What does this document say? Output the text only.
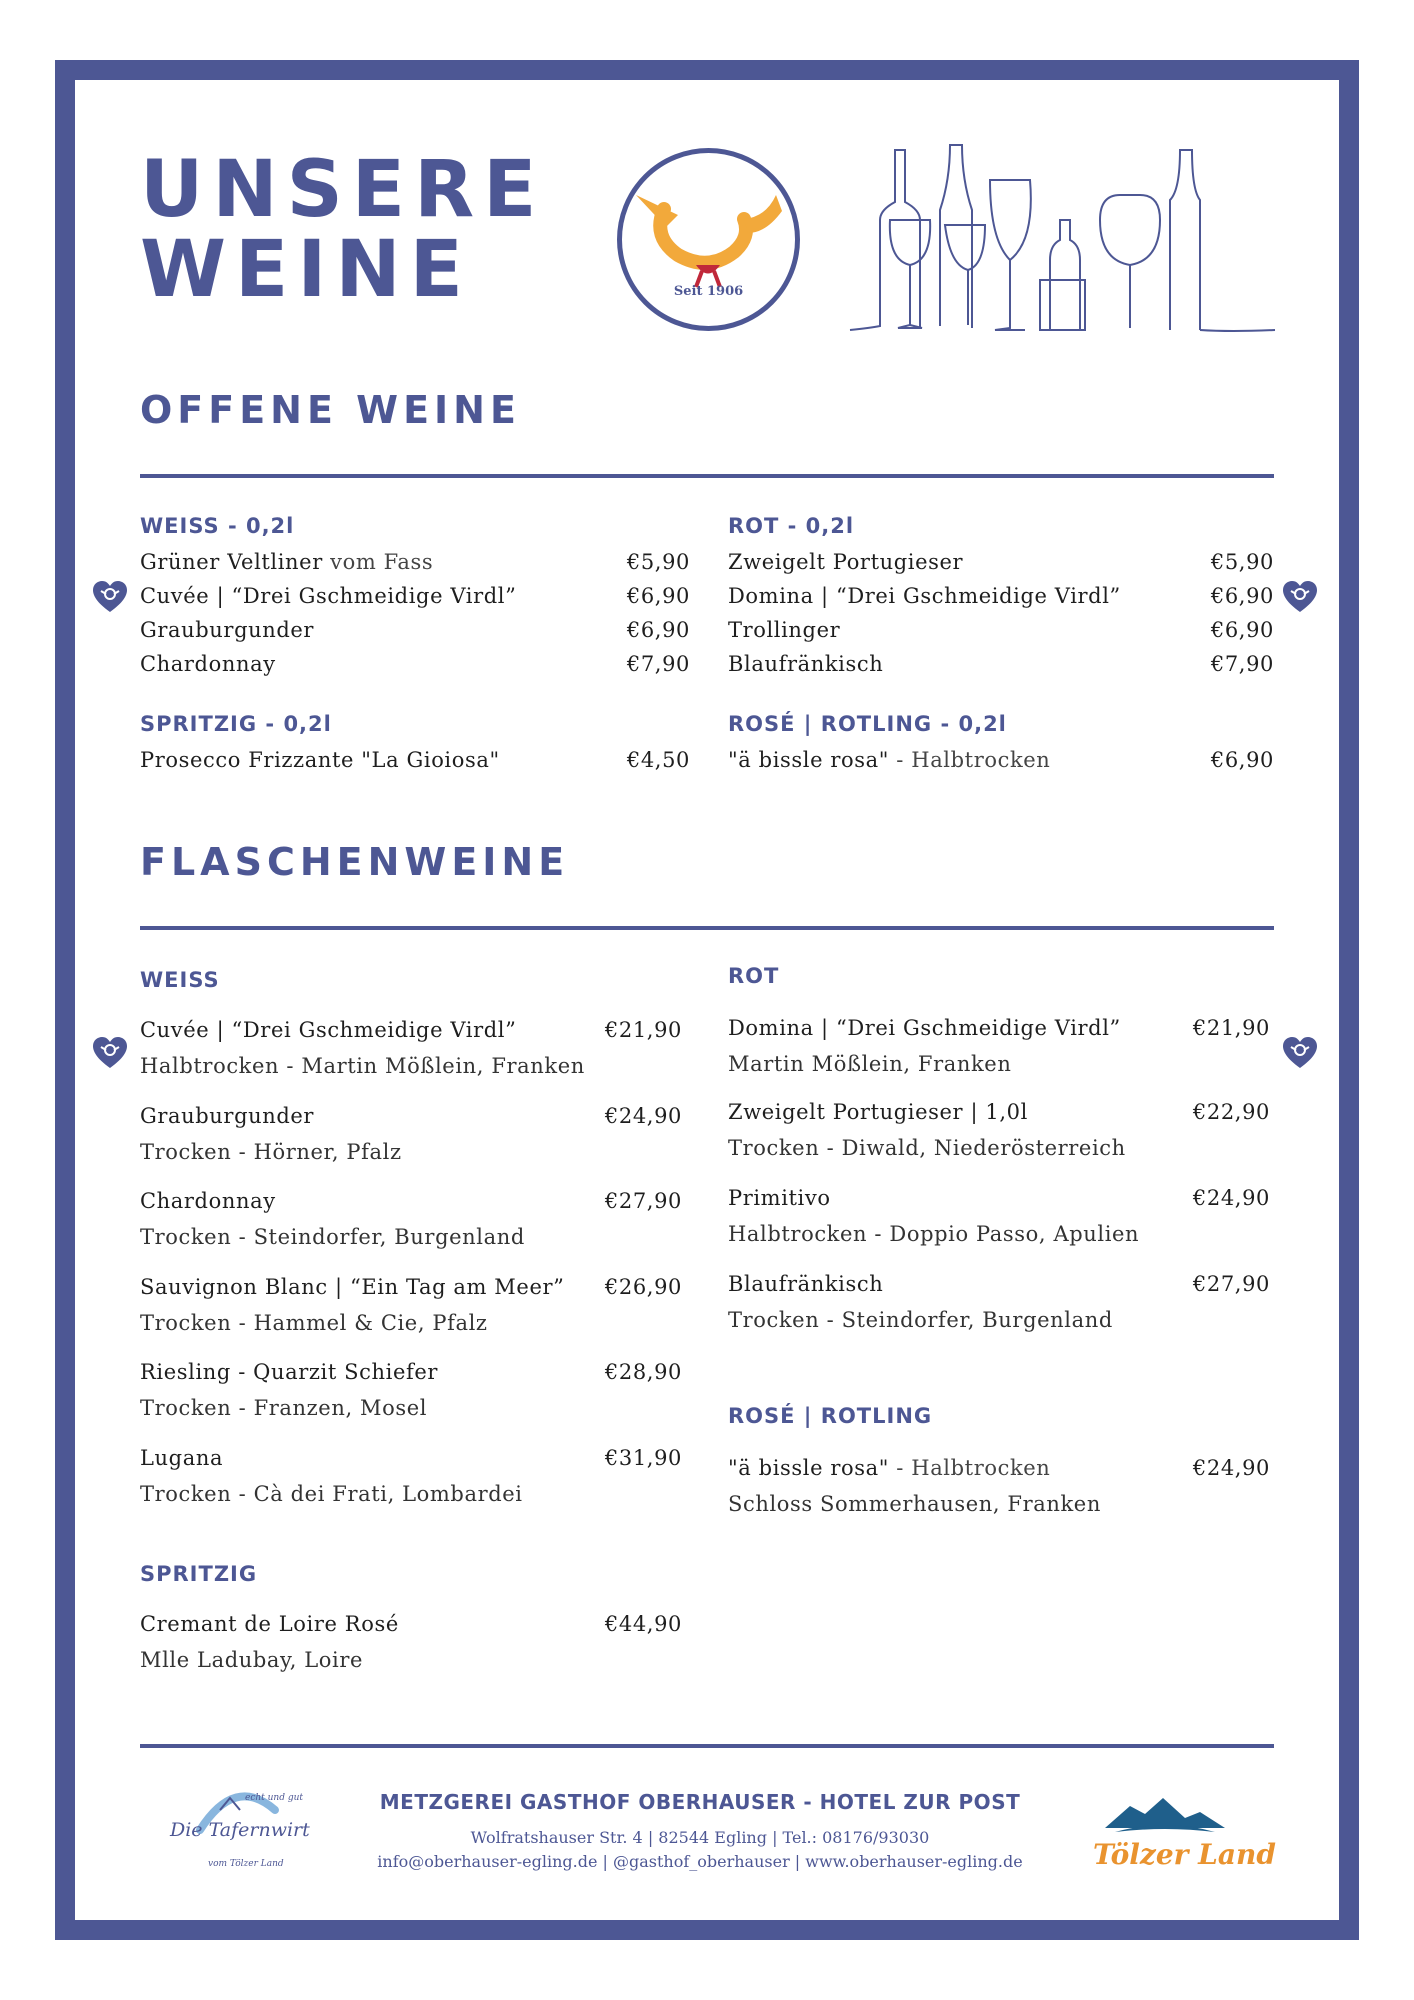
UNSERE
WEINE	Seit 1906
OFFENE WEINE
WEISS - 0,2l
Grüner Veltliner vom Fass	€5,90
Cuvée | “Drei Gschmeidige Virdl”	€6,90
Grauburgunder	€6,90
Chardonnay	€7,90
SPRITZIG - 0,2l
Prosecco Frizzante "La Gioiosa"	€4,50
ROT - 0,2l
Zweigelt Portugieser	€5,90
Domina | “Drei Gschmeidige Virdl”	€6,90
Trollinger	€6,90
Blaufränkisch	€7,90
ROSÉ | ROTLING - 0,2l
"ä bissle rosa" - Halbtrocken	€6,90
FLASCHENWEINE
WEISS
Cuvée | “Drei Gschmeidige Virdl”	€21,90
Halbtrocken - Martin Mößlein, Franken
Grauburgunder	€24,90
Trocken - Hörner, Pfalz
Chardonnay	€27,90
Trocken - Steindorfer, Burgenland
Sauvignon Blanc | “Ein Tag am Meer” €26,90
Trocken - Hammel & Cie, Pfalz
Riesling - Quarzit Schiefer	€28,90
Trocken - Franzen, Mosel
Lugana	€31,90
Trocken - Cà dei Frati, Lombardei
SPRITZIG
Cremant de Loire Rosé	€44,90
Mlle Ladubay, Loire
ROT
Domina | “Drei Gschmeidige Virdl”	€21,90
Martin Mößlein, Franken
Zweigelt Portugieser | 1,0l	€22,90
Trocken - Diwald, Niederösterreich
Primitivo	€24,90
Halbtrocken - Doppio Passo, Apulien
Blaufränkisch	€27,90
Trocken - Steindorfer, Burgenland
ROSÉ | ROTLING
"ä bissle rosa" - Halbtrocken	€24,90
Schloss Sommerhausen, Franken
echt und gut
Die Tafernwirt
vom Tölzer Land
METZGEREI GASTHOF OBERHAUSER - HOTEL ZUR POST
Wolfratshauser Str. 4 | 82544 Egling | Tel.: 08176/93030
info@oberhauser-egling.de | @gasthof_oberhauser | www.oberhauser-egling.de	Tölzer Land
